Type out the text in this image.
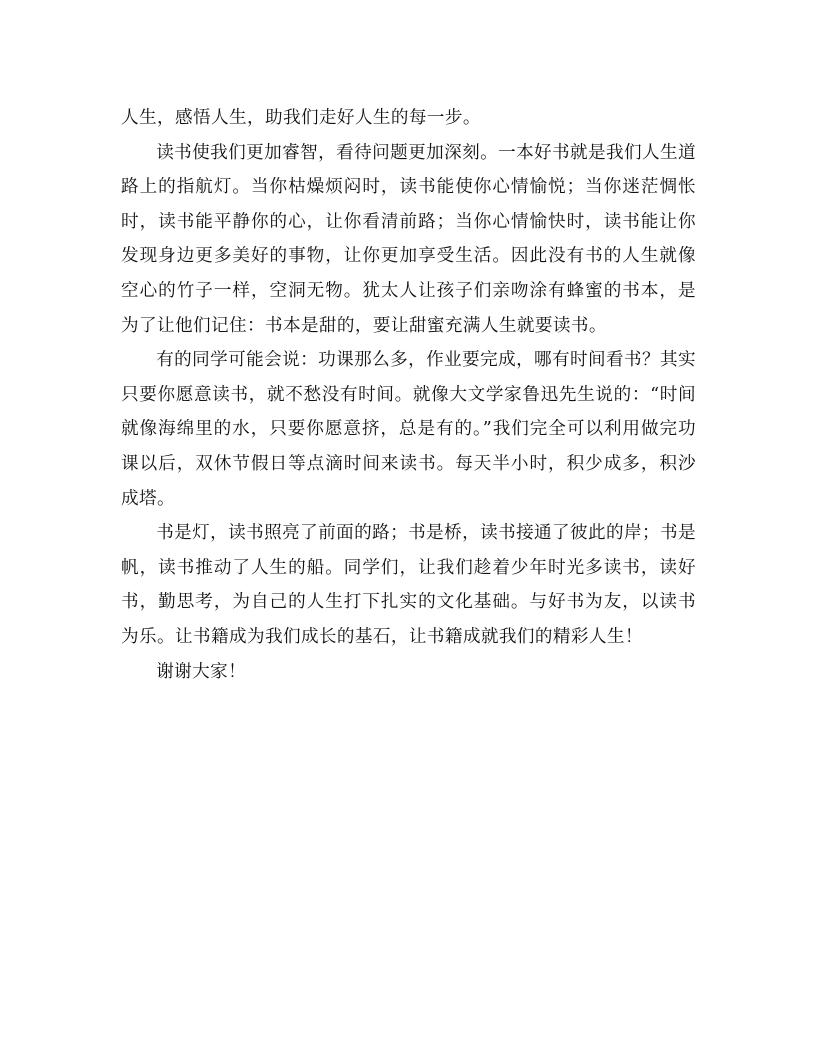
人生，感悟人生，助我们走好人生的每一步。

读书使我们更加睿智，看待问题更加深刻。一本好书就是我们人生道路上的指航灯。当你枯燥烦闷时，读书能使你心情愉悦；当你迷茫惆怅时，读书能平静你的心，让你看清前路；当你心情愉快时，读书能让你发现身边更多美好的事物，让你更加享受生活。因此没有书的人生就像空心的竹子一样，空洞无物。犹太人让孩子们亲吻涂有蜂蜜的书本，是为了让他们记住：书本是甜的，要让甜蜜充满人生就要读书。

有的同学可能会说：功课那么多，作业要完成，哪有时间看书？其实只要你愿意读书，就不愁没有时间。就像大文学家鲁迅先生说的：“时间就像海绵里的水，只要你愿意挤，总是有的。”我们完全可以利用做完功课以后，双休节假日等点滴时间来读书。每天半小时，积少成多，积沙成塔。

书是灯，读书照亮了前面的路；书是桥，读书接通了彼此的岸；书是帆，读书推动了人生的船。同学们，让我们趁着少年时光多读书，读好书，勤思考，为自己的人生打下扎实的文化基础。与好书为友，以读书为乐。让书籍成为我们成长的基石，让书籍成就我们的精彩人生！

谢谢大家！
